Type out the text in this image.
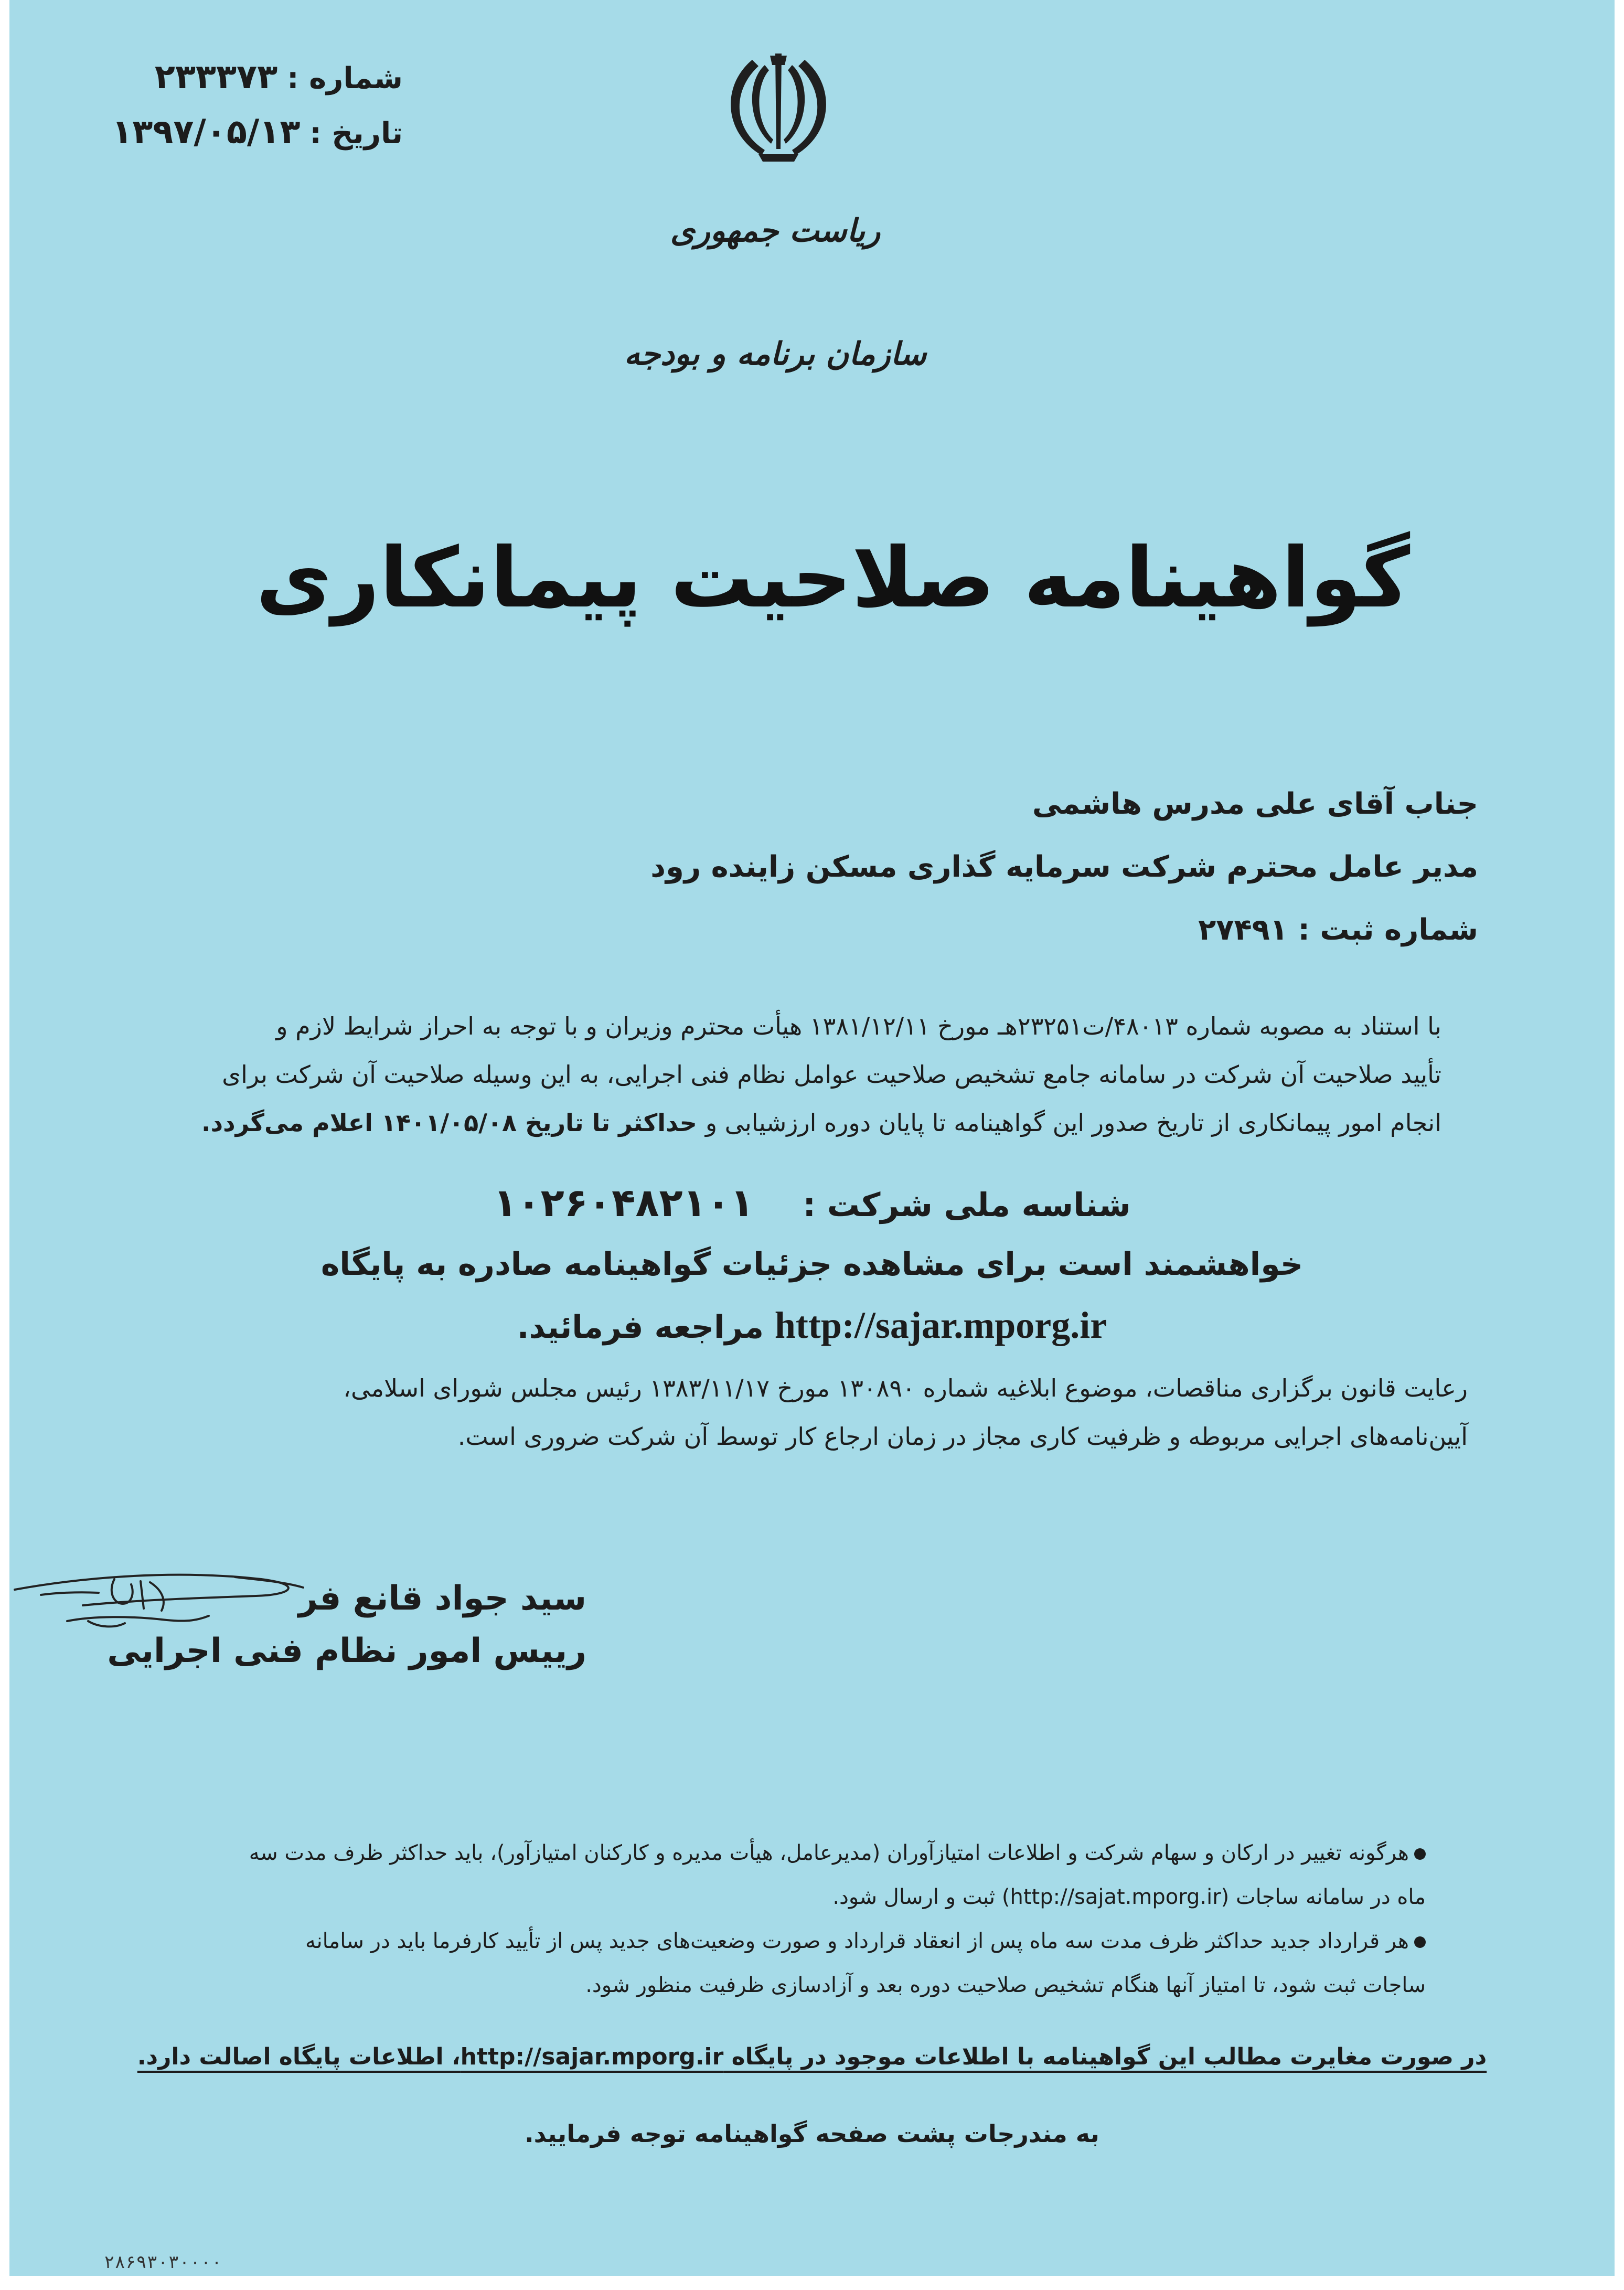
شماره :
۲۳۳۳۷۳
تاریخ :
۱۳۹۷/۰۵/۱۳
ریاست جمهوری
سازمان برنامه و بودجه
گواهینامه صلاحیت پیمانکاری
جناب آقای علی مدرس هاشمی
مدیر عامل محترم شرکت سرمایه گذاری مسکن زاینده رود
شماره ثبت : ۲۷۴۹۱
با استناد به مصوبه شماره ۴۸۰۱۳/ت۲۳۲۵۱هـ مورخ ۱۳۸۱/۱۲/۱۱ هیأت محترم وزیران و با توجه به احراز شرایط لازم و
تأیید صلاحیت آن شرکت در سامانه جامع تشخیص صلاحیت عوامل نظام فنی اجرایی، به این وسیله صلاحیت آن شرکت برای
انجام امور پیمانکاری از تاریخ صدور این گواهینامه تا پایان دوره ارزشیابی و حداکثر تا تاریخ ۱۴۰۱/۰۵/۰۸ اعلام می‌گردد.
شناسه ملی شرکت :  ۱۰۲۶۰۴۸۲۱۰۱
خواهشمند است برای مشاهده جزئیات گواهینامه صادره به پایگاه
http://sajar.mporg.ir مراجعه فرمائید.
رعایت قانون برگزاری مناقصات، موضوع ابلاغیه شماره ۱۳۰۸۹۰ مورخ ۱۳۸۳/۱۱/۱۷ رئیس مجلس شورای اسلامی،
آیین‌نامه‌های اجرایی مربوطه و ظرفیت کاری مجاز در زمان ارجاع کار توسط آن شرکت ضروری است.
سید جواد قانع فر
رییس امور نظام فنی اجرایی
هرگونه تغییر در ارکان و سهام شرکت و اطلاعات امتیازآوران (مدیرعامل، هیأت مدیره و کارکنان امتیازآور)، باید حداکثر ظرف مدت سه
ماه در سامانه ساجات (http://sajat.mporg.ir) ثبت و ارسال شود.
هر قرارداد جدید حداکثر ظرف مدت سه ماه پس از انعقاد قرارداد و صورت وضعیت‌های جدید پس از تأیید کارفرما باید در سامانه
ساجات ثبت شود، تا امتیاز آنها هنگام تشخیص صلاحیت دوره بعد و آزادسازی ظرفیت منظور شود.
در صورت مغایرت مطالب این گواهینامه با اطلاعات موجود در پایگاه http://sajar.mporg.ir، اطلاعات پایگاه اصالت دارد.
به مندرجات پشت صفحه گواهینامه توجه فرمایید.
۲۸۶۹۳۰۳۰۰۰۰
